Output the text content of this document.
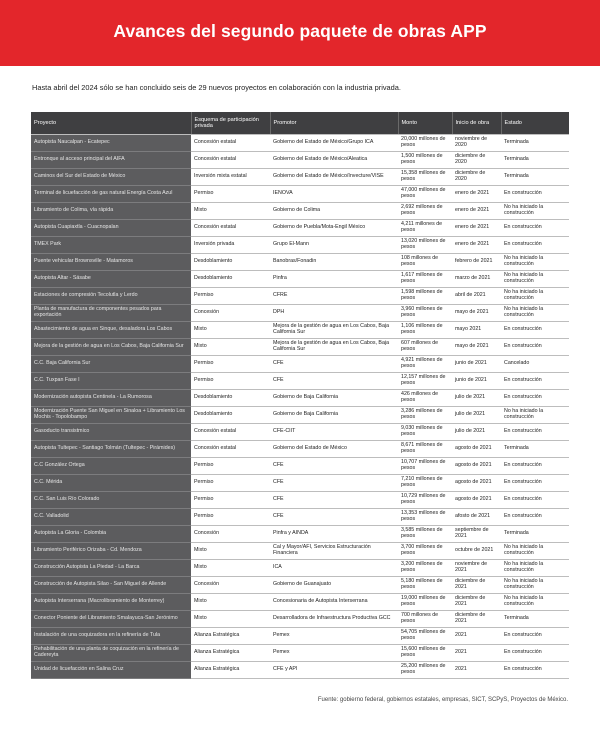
Avances del segundo paquete de obras APP
Hasta abril del 2024 sólo se han concluido seis de 29 nuevos proyectos en colaboración con la industria privada.
Proyecto	Esquema de participación privada	Promotor	Monto	Inicio de obra	Estado
Autopista Naucalpan - Ecatepec	Concesión estatal	Gobierno del Estado de México/Grupo ICA	20,000 millones de pesos	noviembre de 2020	Terminada
Entronque al acceso principal del AIFA	Concesión estatal	Gobierno del Estado de México/Aleatica	1,500 millones de pesos	diciembre de 2020	Terminada
Caminos del Sur del Estado de México	Inversión mixta estatal	Gobierno del Estado de México/Invecture/VISE	15,358 millones de pesos	diciembre de 2020	Terminada
Terminal de licuefacción de gas natural Energía Costa Azul	Permiso	IENOVA	47,000 millones de pesos	enero de 2021	En construcción
Libramiento de Colima, vía rápida	Mixto	Gobierno de Colima	2,692 millones de pesos	enero de 2021	No ha iniciado la construcción
Autopista Cuapiaxtla - Cuacnopalan	Concesión estatal	Gobierno de Puebla/Mota-Engil México	4,211 millones de pesos	enero de 2021	En construcción
TMEX Park	Inversión privada	Grupo El-Mann	13,020 millones de pesos	enero de 2021	En construcción
Puente vehicular Brownsville - Matamoros	Desdoblamiento	Banobras/Fonadin	108 millones de pesos	febrero de 2021	No ha iniciado la construcción
Autopista Altar - Sásabe	Desdoblamiento	Pinfra	1,617 millones de pesos	marzo de 2021	No ha iniciado la construcción
Estaciones de compresión Tecolutla y Lerdo	Permiso	CFRE	1,598 millones de pesos	abril de 2021	No ha iniciado la construcción
Planta de manufactura de componentes pesados para exportación	Concesión	DPH	3,960 millones de pesos	mayo de 2021	No ha iniciado la construcción
Abastecimiento de agua en Sinque, desaladora Los Cabos	Mixto	Mejora de la gestión de agua en Los Cabos, Baja California Sur	1,106 millones de pesos	mayo 2021	En construcción
Mejora de la gestión de agua en Los Cabos, Baja California Sur	Mixto	Mejora de la gestión de agua en Los Cabos, Baja California Sur	607 millones de pesos	mayo de 2021	En construcción
C.C. Baja California Sur	Permiso	CFE	4,921 millones de pesos	junio de 2021	Cancelado
C.C. Tuxpan Fase I	Permiso	CFE	12,157 millones de pesos	junio de 2021	En construcción
Modernización autopista Centinela - La Rumorosa	Desdoblamiento	Gobierno de Baja California	426 millones de pesos	julio de 2021	En construcción
Modernización Puente San Miguel en Sinaloa + Libramiento Los Mochis - Topolobampo	Desdoblamiento	Gobierno de Baja California	3,286 millones de pesos	julio de 2021	No ha iniciado la construcción
Gasoducto transistmico	Concesión estatal	CFE-CIIT	9,030 millones de pesos	julio de 2021	En construcción
Autopista Tultepec - Santiago Tolmán (Tultepec - Pirámides)	Concesión estatal	Gobierno del Estado de México	8,671 millones de pesos	agosto de 2021	Terminada
C.C González Ortega	Permiso	CFE	10,707 millones de pesos	agosto de 2021	En construcción
C.C. Mérida	Permiso	CFE	7,210 millones de pesos	agosto de 2021	En construcción
C.C. San Luis Río Colorado	Permiso	CFE	10,729 millones de pesos	agosto de 2021	En construcción
C.C. Valladolid	Permiso	CFE	13,353 millones de pesos	afosto de 2021	En construcción
Autopista La Gloria - Colombia	Concesión	Pinfra y AINDA	3,585 millones de pesos	septiembre de 2021	Terminada
Libramiento Periférico Orizaba - Cd. Mendoza	Mixto	Cal y Mayor/AFI, Servicios Estructuración Financiera	3,700 millones de pesos	octubre de 2021	No ha iniciado la construcción
Construcción Autopista La Piedad - La Barca	Mixto	ICA	3,200 millones de pesos	noviembre de 2021	No ha iniciado la construcción
Construcción de Autopista Silao - San Miguel de Allende	Concesión	Gobierno de Guanajuato	5,180 millones de pesos	diciembre de 2021	No ha iniciado la construcción
Autopista Interserrana (Macrolibramiento de Monterrey)	Mixto	Concesionaria de Autopista Interserrana	19,000 millones de pesos	diciembre de 2021	No ha iniciado la construcción
Conector Poniente del Libramiento Smalayuca-San Jerónimo	Mixto	Desarrolladora de Infraestructura Productiva GCC	700 millones de pesos	diciembre de 2021	Terminada
Instalación de una coquizadora en la refinería de Tula	Alianza Estratégica	Pemex	54,705 millones de pesos	2021	En construcción
Rehabilitación de una planta de coquización en la refinería de Cadereyta	Alianza Estratégica	Pemex	15,600 millones de pesos	2021	En construcción
Unidad de licuefacción en Salina Cruz	Alianza Estratégica	CFE y API	25,200 millones de pesos	2021	En construcción
Fuente: gobierno federal, gobiernos estatales, empresas, SICT, SCPyS, Proyectos de México.
